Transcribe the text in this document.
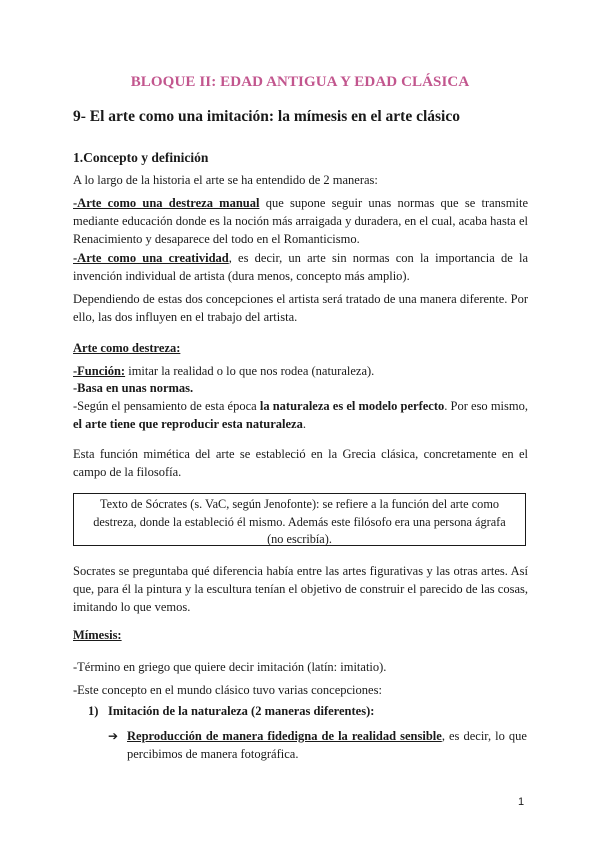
BLOQUE II: EDAD ANTIGUA Y EDAD CLÁSICA
9- El arte como una imitación: la mímesis en el arte clásico
1.Concepto y definición

A lo largo de la historia el arte se ha entendido de 2 maneras:

-Arte como una destreza manual que supone seguir unas normas que se transmite mediante educación donde es la noción más arraigada y duradera, en el cual, acaba hasta el Renacimiento y desaparece del todo en el Romanticismo.

-Arte como una creatividad, es decir, un arte sin normas con la importancia de la invención individual de artista (dura menos, concepto más amplio).

Dependiendo de estas dos concepciones el artista será tratado de una manera diferente. Por ello, las dos influyen en el trabajo del artista.

Arte como destreza:
-Función: imitar la realidad o lo que nos rodea (naturaleza).
-Basa en unas normas.

-Según el pensamiento de esta época la naturaleza es el modelo perfecto. Por eso mismo, el arte tiene que reproducir esta naturaleza.

Esta función mimética del arte se estableció en la Grecia clásica, concretamente en el campo de la filosofía.

Texto de Sócrates (s. VaC, según Jenofonte): se refiere a la función del arte como destreza, donde la estableció él mismo. Además este filósofo era una persona ágrafa (no escribía).

Socrates se preguntaba qué diferencia había entre las artes figurativas y las otras artes. Así que, para él la pintura y la escultura tenían el objetivo de construir el parecido de las cosas, imitando lo que vemos.

Mímesis:
-Término en griego que quiere decir imitación (latín: imitatio).
-Este concepto en el mundo clásico tuvo varias concepciones:
1) Imitación de la naturaleza (2 maneras diferentes):
➔ Reproducción de manera fidedigna de la realidad sensible, es decir, lo que percibimos de manera fotográfica.
1
